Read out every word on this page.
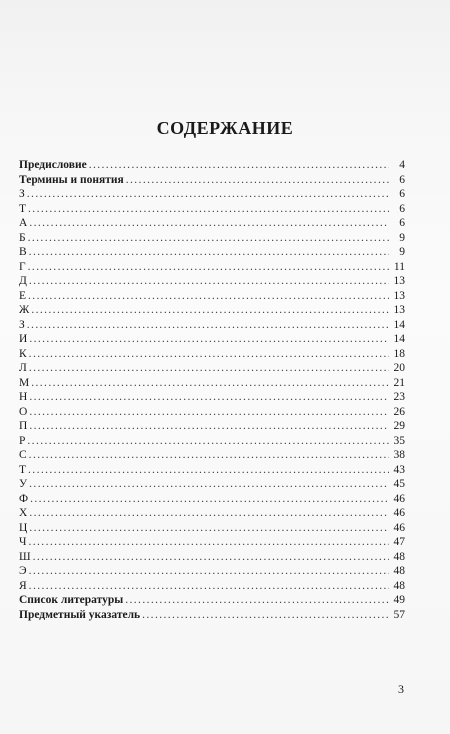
СОДЕРЖАНИЕ
Предисловие .....	4
Термины и понятия .....	6
З .....	6
Т .....	6
А .....	6
Б .....	9
В .....	9
Г .....	11
Д .....	13
Е .....	13
Ж .....	13
З .....	14
И .....	14
К .....	18
Л .....	20
М .....	21
Н .....	23
О .....	26
П .....	29
Р .....	35
С .....	38
Т .....	43
У .....	45
Ф .....	46
Х .....	46
Ц .....	46
Ч .....	47
Ш .....	48
Э .....	48
Я .....	48
Список литературы .....	49
Предметный указатель .....	57
3
